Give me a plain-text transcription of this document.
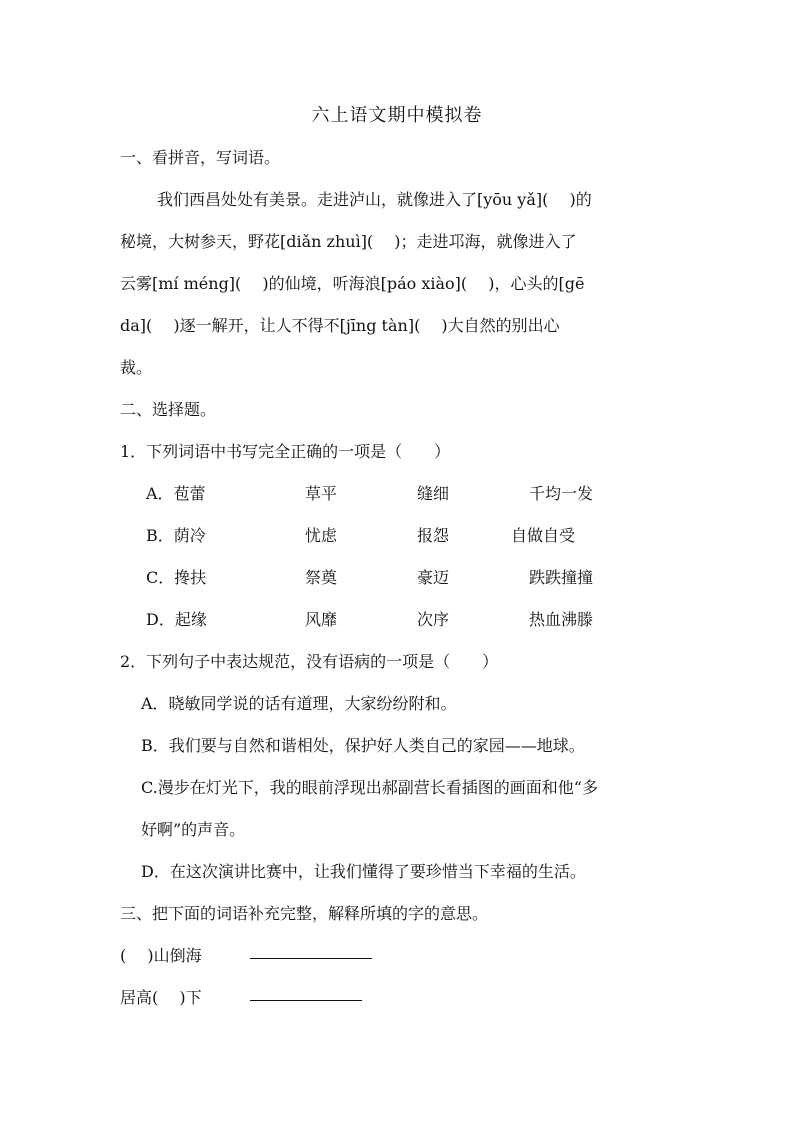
六上语文期中模拟卷
一、看拼音，写词语。
我们西昌处处有美景。走进泸山，就像进入了[yōu yǎ](　 )的
秘境，大树参天，野花[diǎn zhuì](　 )；走进邛海，就像进入了
云雾[mí méng](　 )的仙境，听海浪[páo xiào](　 )，心头的[gē
da](　 )逐一解开，让人不得不[jīng tàn](　 )大自然的别出心
裁。
二、选择题。
1．下列词语中书写完全正确的一项是（　　）
A．苞蕾	草平	缝细	千均一发
B．荫冷	忧虑	报怨	自做自受
C．搀扶	祭奠	豪迈	跌跌撞撞
D．起缘	风靡	次序	热血沸滕
2．下列句子中表达规范，没有语病的一项是（　　）
A．晓敏同学说的话有道理，大家纷纷附和。
B．我们要与自然和谐相处，保护好人类自己的家园——地球。
C.漫步在灯光下，我的眼前浮现出郝副营长看插图的画面和他“多
好啊”的声音。
D．在这次演讲比赛中，让我们懂得了要珍惜当下幸福的生活。
三、把下面的词语补充完整，解释所填的字的意思。
(　 )山倒海
居高(　 )下
